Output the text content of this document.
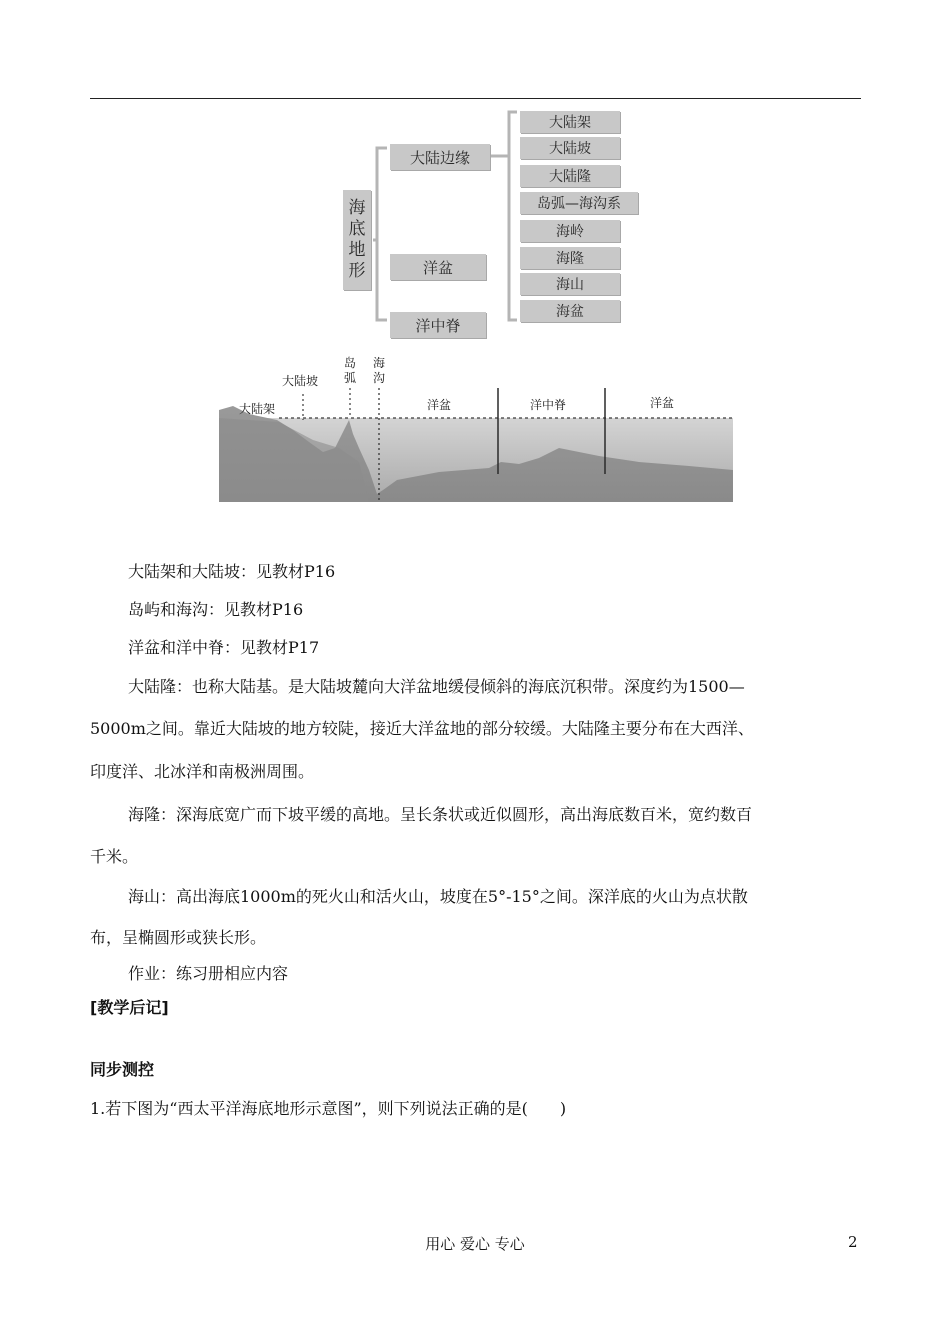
海
底
地
形
大陆边缘
洋盆
洋中脊
大陆架
大陆坡
大陆隆
岛弧—海沟系
海岭
海隆
海山
海盆
大陆架
大陆坡
岛
弧
海
沟
洋盆	洋中脊	洋盆
大陆架和大陆坡：见教材P16
岛屿和海沟：见教材P16
洋盆和洋中脊：见教材P17
大陆隆：也称大陆基。是大陆坡麓向大洋盆地缓侵倾斜的海底沉积带。深度约为1500—
5000m之间。靠近大陆坡的地方较陡，接近大洋盆地的部分较缓。大陆隆主要分布在大西洋、
印度洋、北冰洋和南极洲周围。
海隆：深海底宽广而下坡平缓的高地。呈长条状或近似圆形，高出海底数百米，宽约数百
千米。
海山：高出海底1000m的死火山和活火山，坡度在5°-15°之间。深洋底的火山为点状散
布，呈椭圆形或狭长形。
作业：练习册相应内容
[教学后记]
同步测控
1.若下图为“西太平洋海底地形示意图”，则下列说法正确的是(　　)
用心 爱心 专心	2
